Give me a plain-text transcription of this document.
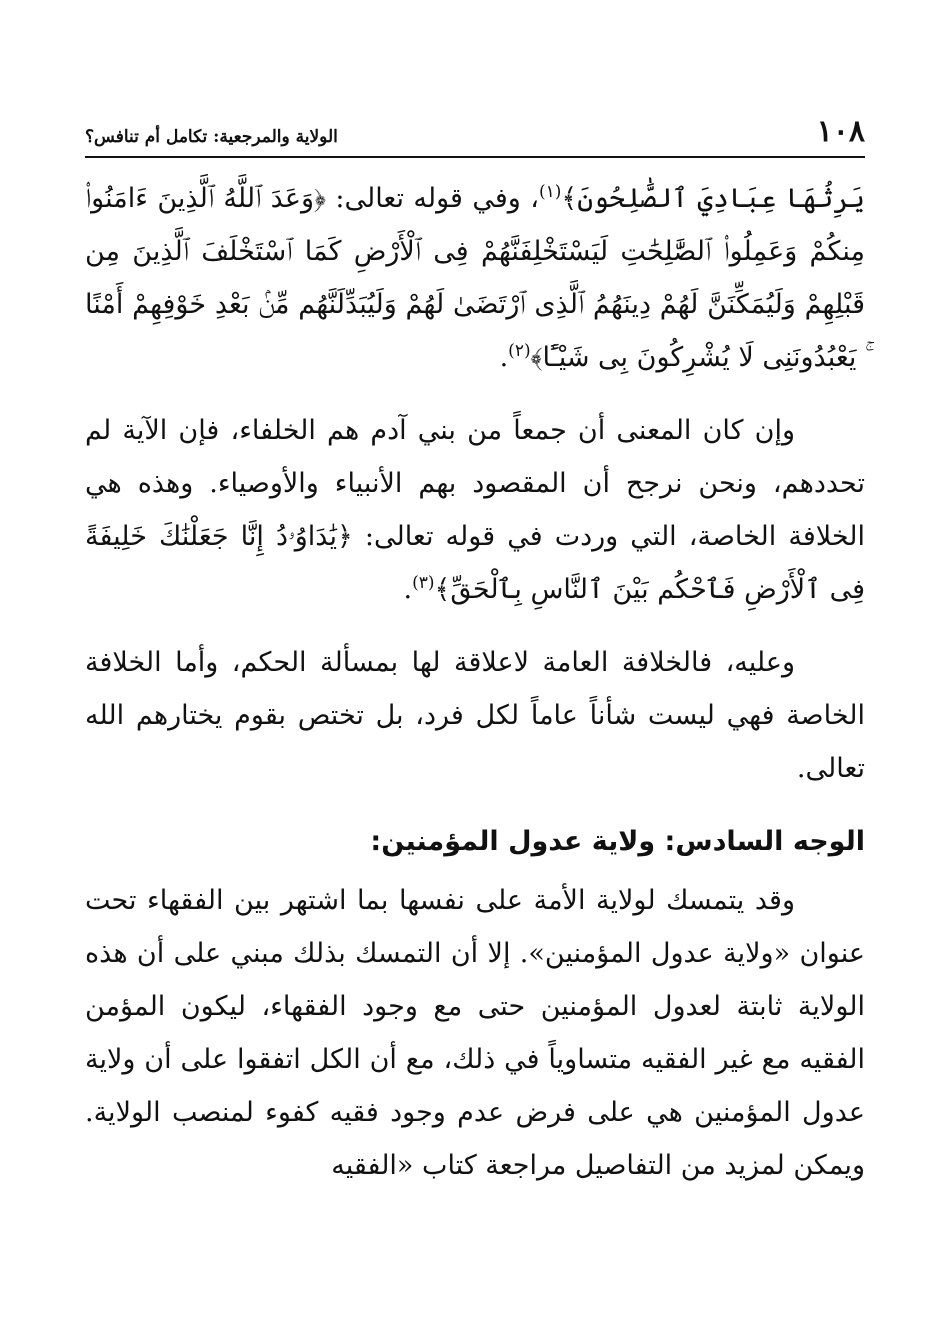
١٠٨
الولاية والمرجعية: تكامل أم تنافس؟

يَرِثُهَا عِبَادِيَ ٱلصَّٰلِحُونَ﴾$^{(١)}$، وفي قوله تعالى: ﴿وَعَدَ ٱللَّهُ ٱلَّذِينَ ءَامَنُوا۟ مِنكُمْ وَعَمِلُوا۟ ٱلصَّٰلِحَٰتِ لَيَسْتَخْلِفَنَّهُمْ فِى ٱلْأَرْضِ كَمَا ٱسْتَخْلَفَ ٱلَّذِينَ مِن قَبْلِهِمْ وَلَيُمَكِّنَنَّ لَهُمْ دِينَهُمُ ٱلَّذِى ٱرْتَضَىٰ لَهُمْ وَلَيُبَدِّلَنَّهُم مِّنۢ بَعْدِ خَوْفِهِمْ أَمْنًا ۚ يَعْبُدُونَنِى لَا يُشْرِكُونَ بِى شَيْـًٔا﴾$^{(٢)}$.

وإن كان المعنى أن جمعاً من بني آدم هم الخلفاء، فإن الآية لم تحددهم، ونحن نرجح أن المقصود بهم الأنبياء والأوصياء. وهذه هي الخلافة الخاصة، التي وردت في قوله تعالى: ﴿يَٰدَاوُۥدُ إِنَّا جَعَلْنَٰكَ خَلِيفَةً فِى ٱلْأَرْضِ فَٱحْكُم بَيْنَ ٱلنَّاسِ بِٱلْحَقِّ﴾$^{(٣)}$.

وعليه، فالخلافة العامة لاعلاقة لها بمسألة الحكم، وأما الخلافة الخاصة فهي ليست شأناً عاماً لكل فرد، بل تختص بقوم يختارهم الله تعالى.

الوجه السادس: ولاية عدول المؤمنين:

وقد يتمسك لولاية الأمة على نفسها بما اشتهر بين الفقهاء تحت عنوان «ولاية عدول المؤمنين». إلا أن التمسك بذلك مبني على أن هذه الولاية ثابتة لعدول المؤمنين حتى مع وجود الفقهاء، ليكون المؤمن الفقيه مع غير الفقيه متساوياً في ذلك، مع أن الكل اتفقوا على أن ولاية عدول المؤمنين هي على فرض عدم وجود فقيه كفوء لمنصب الولاية. ويمكن لمزيد من التفاصيل مراجعة كتاب «الفقيه
